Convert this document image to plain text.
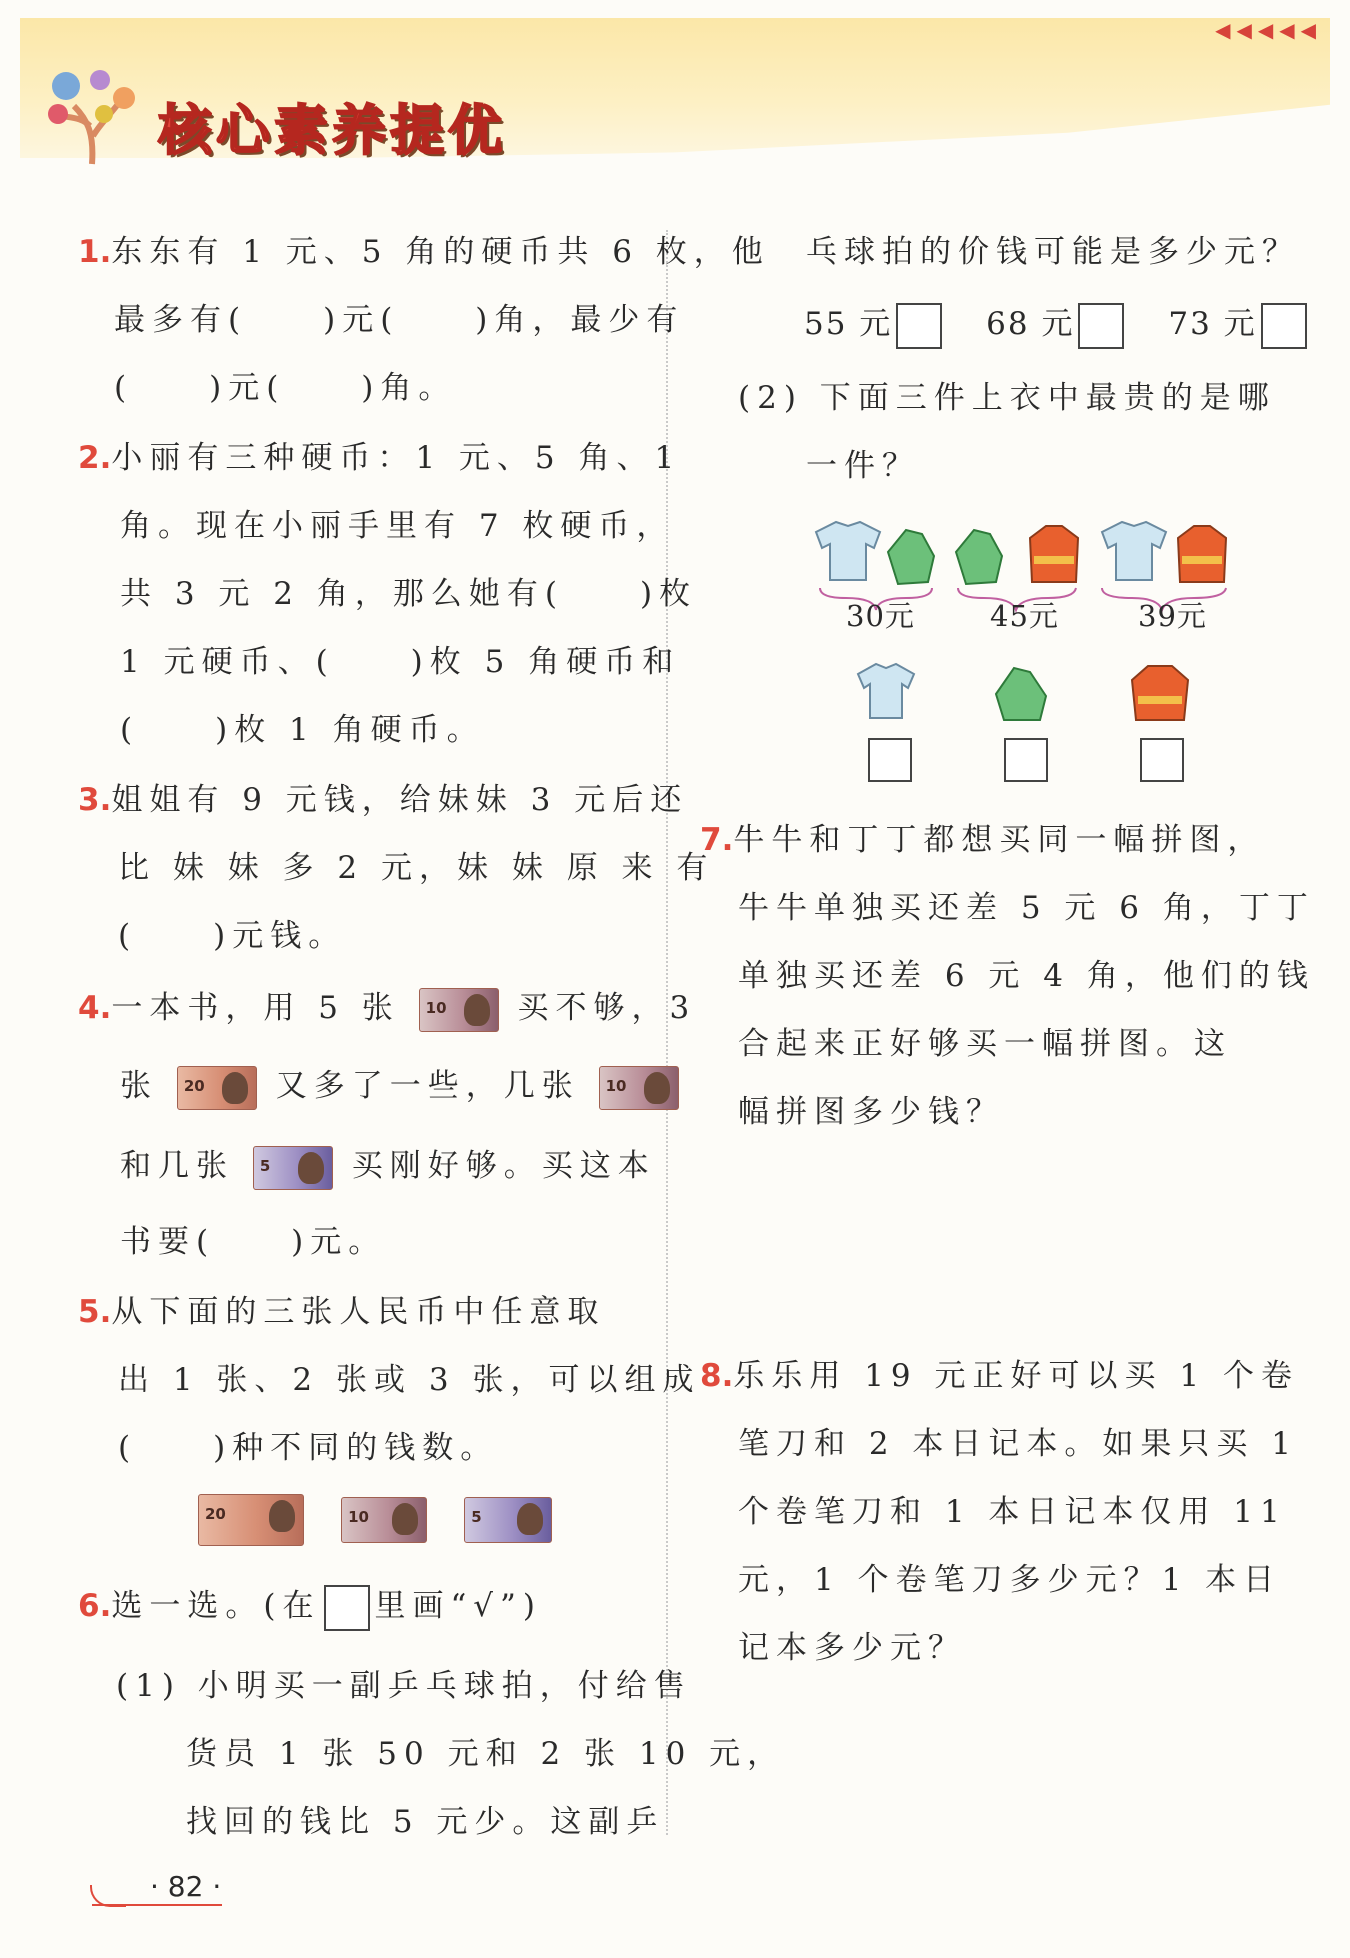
◀◀◀◀◀
核心素养提优
1.东东有 1 元、5 角的硬币共 6 枚，他
最多有(　　)元(　　)角，最少有
(　　)元(　　)角。
2.小丽有三种硬币：1 元、5 角、1
角。现在小丽手里有 7 枚硬币，
共 3 元 2 角，那么她有(　　)枚
1 元硬币、(　　)枚 5 角硬币和
(　　)枚 1 角硬币。
3.姐姐有 9 元钱，给妹妹 3 元后还
比 妹 妹 多 2 元，妹 妹 原 来 有
(　　)元钱。
4.一本书，用 5 张 10 买不够，3
张 20 又多了一些，几张 10
和几张 5	买刚好够。买这本
书要(　　)元。
5.从下面的三张人民币中任意取
出 1 张、2 张或 3 张，可以组成
(　　)种不同的钱数。
20
	10
	5
6.选一选。(在 里画“√”)
(1) 小明买一副乒乓球拍，付给售
货员 1 张 50 元和 2 张 10 元，
找回的钱比 5 元少。这副乒
乓球拍的价钱可能是多少元？
55 元	68 元	73 元
(2) 下面三件上衣中最贵的是哪
一件？
30元	45元	39元
7.牛牛和丁丁都想买同一幅拼图，
牛牛单独买还差 5 元 6 角，丁丁
单独买还差 6 元 4 角，他们的钱
合起来正好够买一幅拼图。这
幅拼图多少钱？
8.乐乐用 19 元正好可以买 1 个卷
笔刀和 2 本日记本。如果只买 1
个卷笔刀和 1 本日记本仅用 11
元，1 个卷笔刀多少元？1 本日
记本多少元？
· 82 ·
